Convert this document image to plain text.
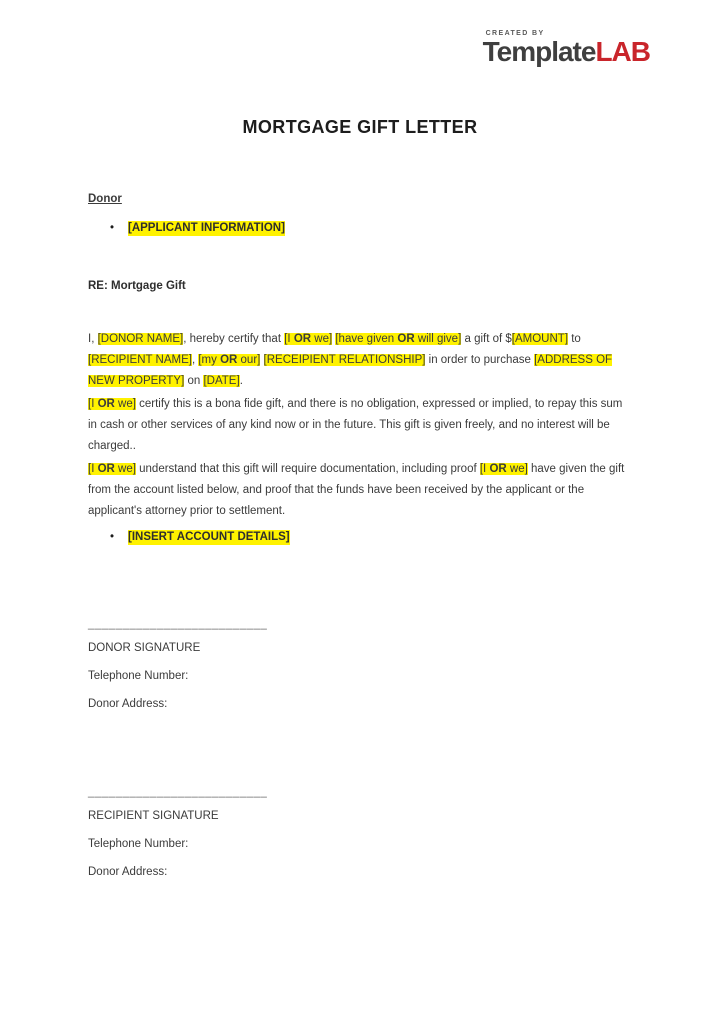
CREATED BY
TemplateLAB
MORTGAGE GIFT LETTER
Donor
•	[APPLICANT INFORMATION]
RE: Mortgage Gift

I, [DONOR NAME], hereby certify that [I OR we] [have given OR will give] a gift of $[AMOUNT] to [RECIPIENT NAME], [my OR our] [RECEIPIENT RELATIONSHIP] in order to purchase [ADDRESS OF NEW PROPERTY] on [DATE].

[I OR we] certify this is a bona fide gift, and there is no obligation, expressed or implied, to repay this sum in cash or other services of any kind now or in the future. This gift is given freely, and no interest will be charged..

[I OR we] understand that this gift will require documentation, including proof [I OR we] have given the gift from the account listed below, and proof that the funds have been received by the applicant or the applicant's attorney prior to settlement.

•	[INSERT ACCOUNT DETAILS]
__________________________
DONOR SIGNATURE
Telephone Number:
Donor Address:
__________________________
RECIPIENT SIGNATURE
Telephone Number:
Donor Address:
